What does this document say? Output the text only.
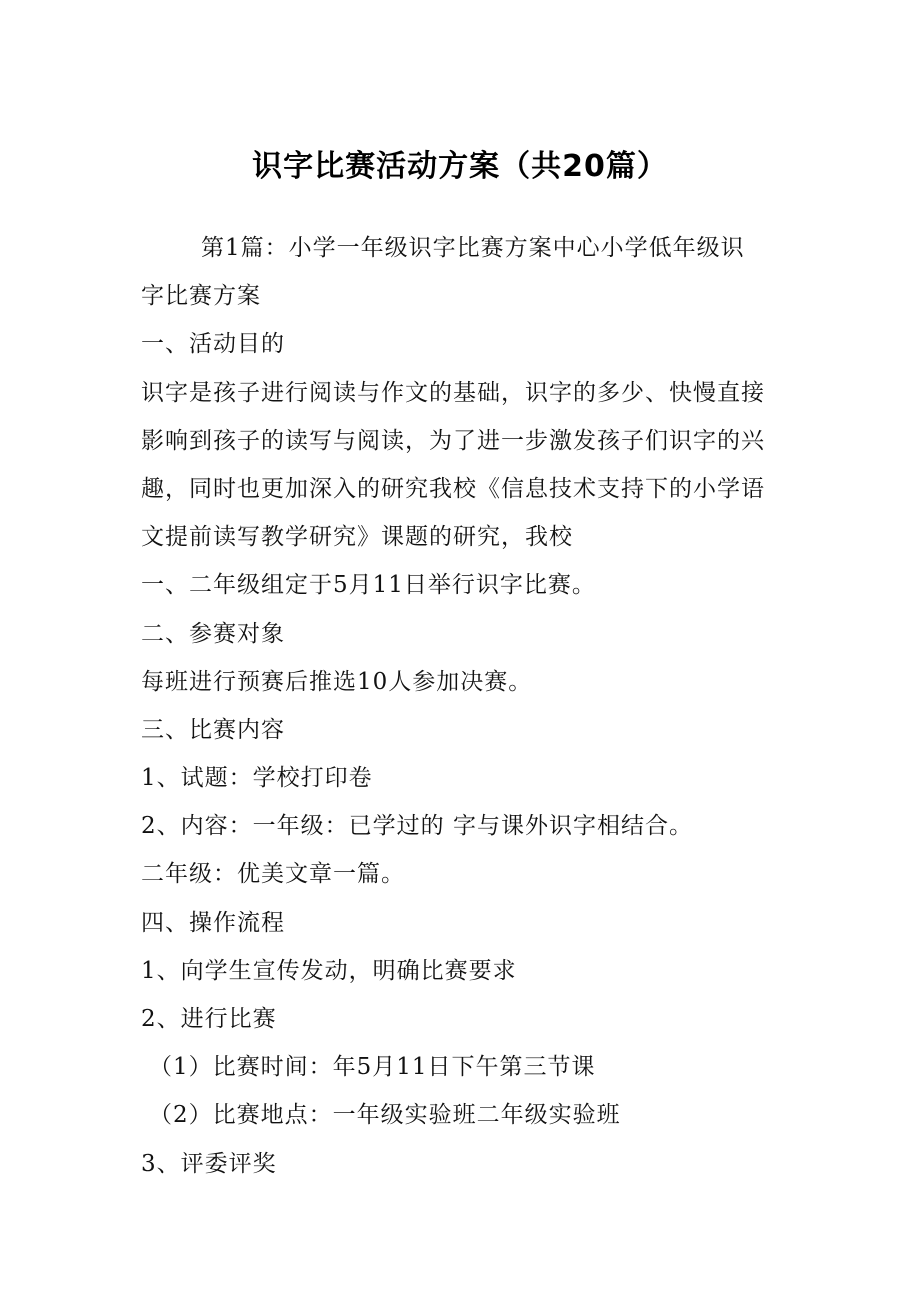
识字比赛活动方案（共20篇）
第1篇：小学一年级识字比赛方案中心小学低年级识
字比赛方案
一、活动目的
识字是孩子进行阅读与作文的基础，识字的多少、快慢直接
影响到孩子的读写与阅读，为了进一步激发孩子们识字的兴
趣，同时也更加深入的研究我校《信息技术支持下的小学语
文提前读写教学研究》课题的研究，我校
一、二年级组定于5月11日举行识字比赛。
二、参赛对象
每班进行预赛后推选10人参加决赛。
三、比赛内容
1、试题：学校打印卷
2、内容：一年级：已学过的 字与课外识字相结合。
二年级：优美文章一篇。
四、操作流程
1、向学生宣传发动，明确比赛要求
2、进行比赛
（1）比赛时间：年5月11日下午第三节课
（2）比赛地点：一年级实验班二年级实验班
3、评委评奖
